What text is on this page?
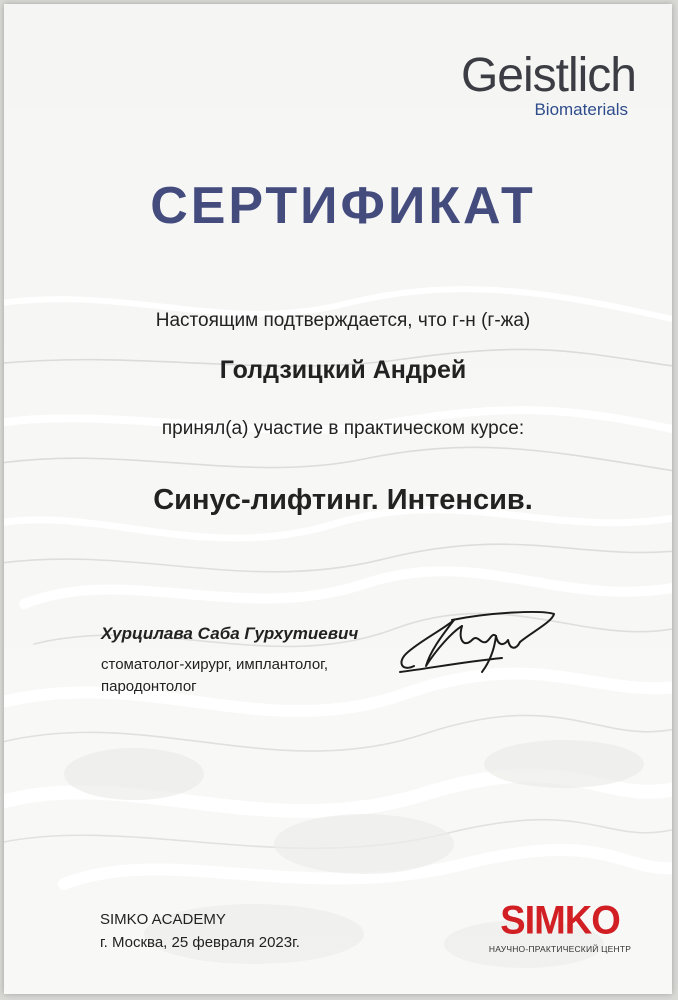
Geistlich
Biomaterials
СЕРТИФИКАТ
Настоящим подтверждается, что г-н (г-жа)
Голдзицкий Андрей
принял(а) участие в практическом курсе:
Синус-лифтинг. Интенсив.
Хурцилава Саба Гурхутиевич
стоматолог-хирург, имплантолог,
пародонтолог
SIMKO ACADEMY
г. Москва, 25 февраля 2023г.	SIMKO
НАУЧНО-ПРАКТИЧЕСКИЙ ЦЕНТР
